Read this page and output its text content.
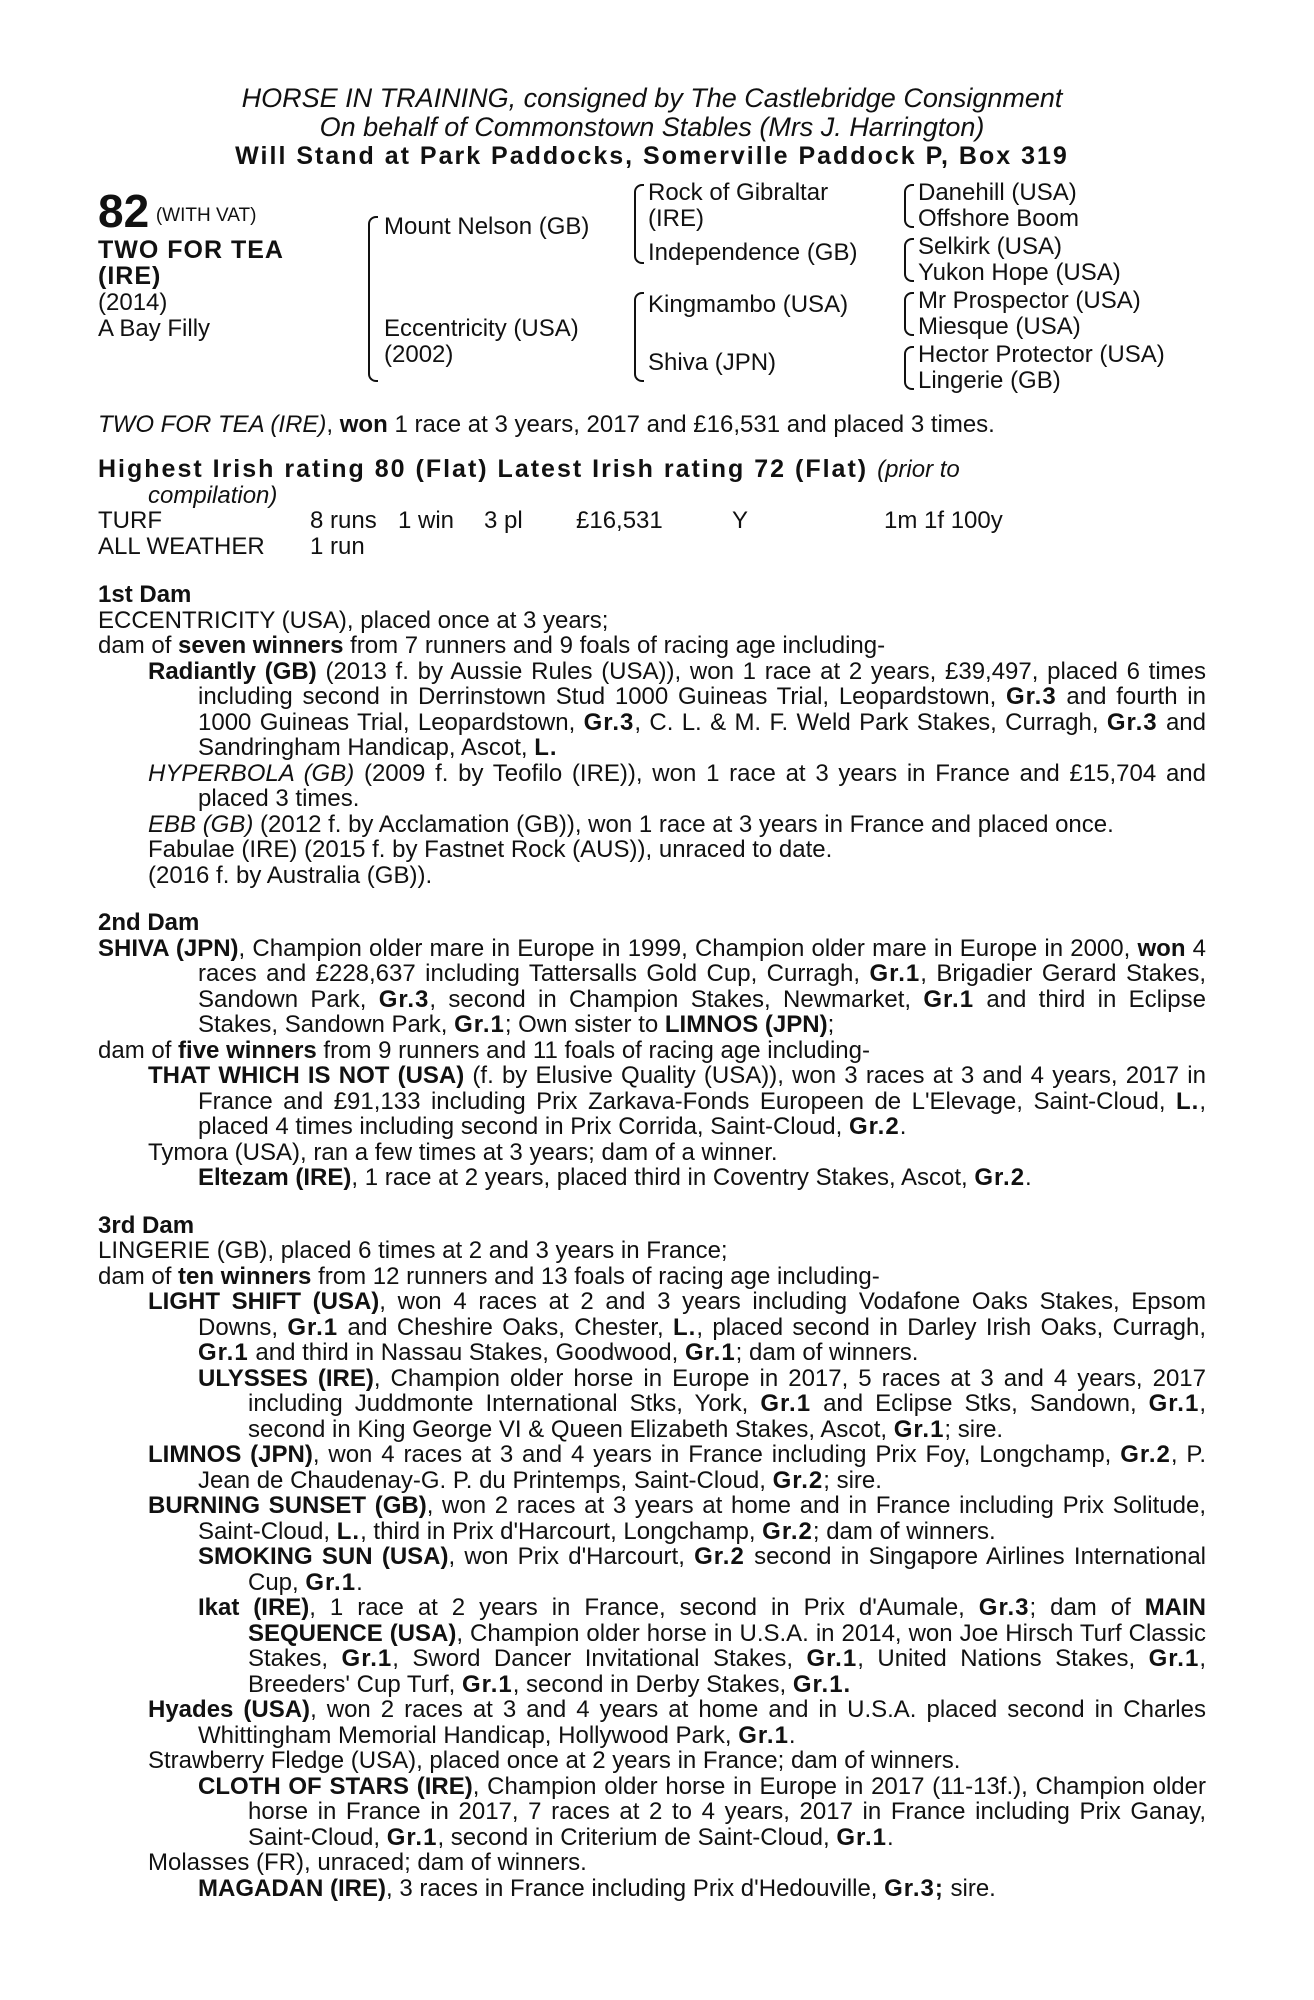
HORSE IN TRAINING, consigned by The Castlebridge Consignment
On behalf of Commonstown Stables (Mrs J. Harrington)
Will Stand at Park Paddocks, Somerville Paddock P, Box 319
82 $^{(WITH VAT)}$
TWO FOR TEA
(IRE)
(2014)
A Bay Filly
Mount Nelson (GB)
Eccentricity (USA)
(2002)
Rock of Gibraltar
(IRE)
Independence (GB)
Kingmambo (USA)
Shiva (JPN)
Danehill (USA)
Offshore Boom
Selkirk (USA)
Yukon Hope (USA)
Mr Prospector (USA)
Miesque (USA)
Hector Protector (USA)
Lingerie (GB)
TWO FOR TEA (IRE), won 1 race at 3 years, 2017 and £16,531 and placed 3 times.
Highest Irish rating 80 (Flat) Latest Irish rating 72 (Flat) (prior to
compilation)
TURF	8 runs 1 win 3 pl £16,531	Y	1m 1f 100y
ALL WEATHER 1 run
1st Dam
ECCENTRICITY (USA), placed once at 3 years;
dam of seven winners from 7 runners and 9 foals of racing age including-
Radiantly (GB) (2013 f. by Aussie Rules (USA)), won 1 race at 2 years, £39,497, placed 6 times including second in Derrinstown Stud 1000 Guineas Trial, Leopardstown, Gr.3 and fourth in 1000 Guineas Trial, Leopardstown, Gr.3, C. L. & M. F. Weld Park Stakes, Curragh, Gr.3 and Sandringham Handicap, Ascot, L.
HYPERBOLA (GB) (2009 f. by Teofilo (IRE)), won 1 race at 3 years in France and £15,704 and placed 3 times.
EBB (GB) (2012 f. by Acclamation (GB)), won 1 race at 3 years in France and placed once.
Fabulae (IRE) (2015 f. by Fastnet Rock (AUS)), unraced to date.
(2016 f. by Australia (GB)).
2nd Dam
SHIVA (JPN), Champion older mare in Europe in 1999, Champion older mare in Europe in 2000, won 4 races and £228,637 including Tattersalls Gold Cup, Curragh, Gr.1, Brigadier Gerard Stakes, Sandown Park, Gr.3, second in Champion Stakes, Newmarket, Gr.1 and third in Eclipse Stakes, Sandown Park, Gr.1; Own sister to LIMNOS (JPN);
dam of five winners from 9 runners and 11 foals of racing age including-
THAT WHICH IS NOT (USA) (f. by Elusive Quality (USA)), won 3 races at 3 and 4 years, 2017 in France and £91,133 including Prix Zarkava-Fonds Europeen de L'Elevage, Saint-Cloud, L., placed 4 times including second in Prix Corrida, Saint-Cloud, Gr.2.
Tymora (USA), ran a few times at 3 years; dam of a winner.
Eltezam (IRE), 1 race at 2 years, placed third in Coventry Stakes, Ascot, Gr.2.
3rd Dam
LINGERIE (GB), placed 6 times at 2 and 3 years in France;
dam of ten winners from 12 runners and 13 foals of racing age including-
LIGHT SHIFT (USA), won 4 races at 2 and 3 years including Vodafone Oaks Stakes, Epsom Downs, Gr.1 and Cheshire Oaks, Chester, L., placed second in Darley Irish Oaks, Curragh, Gr.1 and third in Nassau Stakes, Goodwood, Gr.1; dam of winners.
ULYSSES (IRE), Champion older horse in Europe in 2017, 5 races at 3 and 4 years, 2017 including Juddmonte International Stks, York, Gr.1 and Eclipse Stks, Sandown, Gr.1, second in King George VI & Queen Elizabeth Stakes, Ascot, Gr.1; sire.
LIMNOS (JPN), won 4 races at 3 and 4 years in France including Prix Foy, Longchamp, Gr.2, P. Jean de Chaudenay-G. P. du Printemps, Saint-Cloud, Gr.2; sire.
BURNING SUNSET (GB), won 2 races at 3 years at home and in France including Prix Solitude, Saint-Cloud, L., third in Prix d'Harcourt, Longchamp, Gr.2; dam of winners.
SMOKING SUN (USA), won Prix d'Harcourt, Gr.2 second in Singapore Airlines International Cup, Gr.1.
Ikat (IRE), 1 race at 2 years in France, second in Prix d'Aumale, Gr.3; dam of MAIN SEQUENCE (USA), Champion older horse in U.S.A. in 2014, won Joe Hirsch Turf Classic Stakes, Gr.1, Sword Dancer Invitational Stakes, Gr.1, United Nations Stakes, Gr.1, Breeders' Cup Turf, Gr.1, second in Derby Stakes, Gr.1.
Hyades (USA), won 2 races at 3 and 4 years at home and in U.S.A. placed second in Charles Whittingham Memorial Handicap, Hollywood Park, Gr.1.
Strawberry Fledge (USA), placed once at 2 years in France; dam of winners.
CLOTH OF STARS (IRE), Champion older horse in Europe in 2017 (11-13f.), Champion older horse in France in 2017, 7 races at 2 to 4 years, 2017 in France including Prix Ganay, Saint-Cloud, Gr.1, second in Criterium de Saint-Cloud, Gr.1.
Molasses (FR), unraced; dam of winners.
MAGADAN (IRE), 3 races in France including Prix d'Hedouville, Gr.3; sire.
